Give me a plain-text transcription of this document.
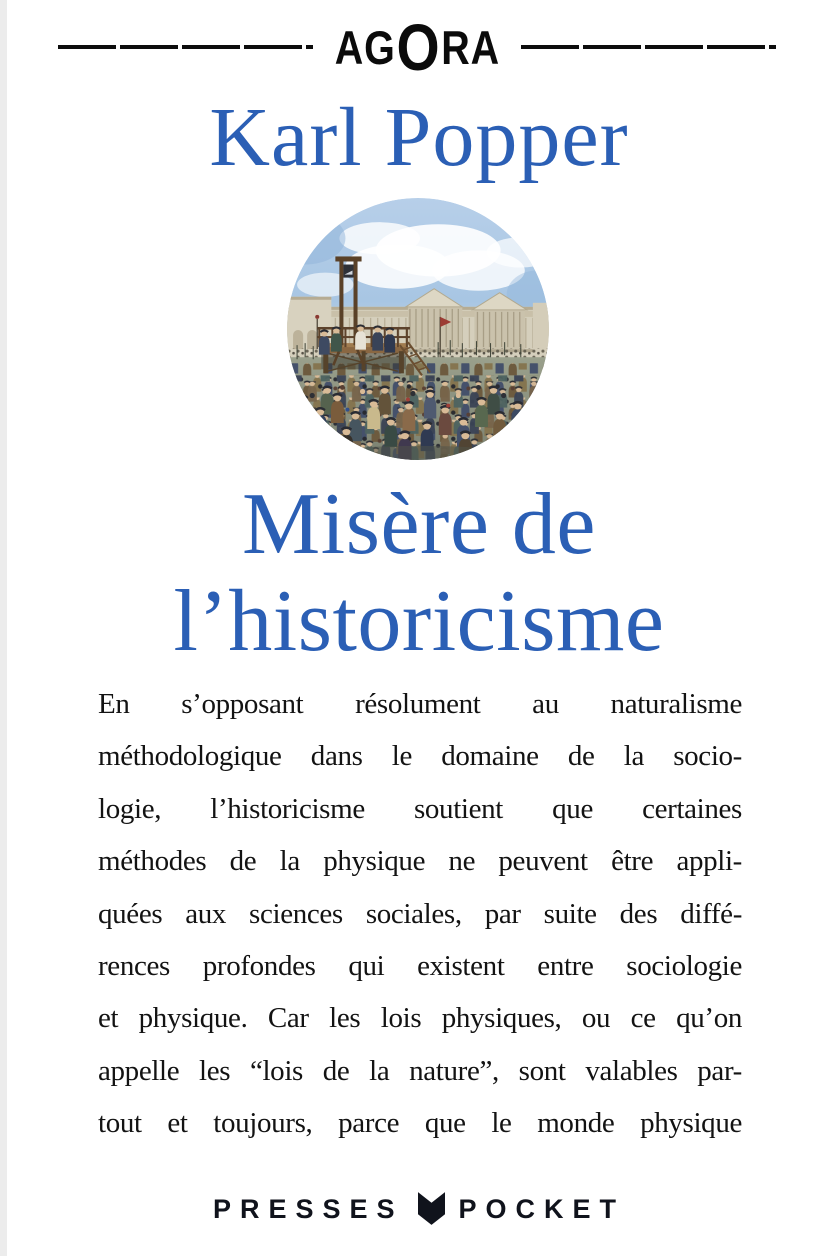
AG O RA
Karl Popper
Misère de
l’historicisme
En s’opposant résolument au naturalisme
méthodologique dans le domaine de la socio-
logie, l’historicisme soutient que certaines
méthodes de la physique ne peuvent être appli-
quées aux sciences sociales, par suite des diffé-
rences profondes qui existent entre sociologie
et physique. Car les lois physiques, ou ce qu’on
appelle les “lois de la nature”, sont valables par-
tout et toujours, parce que le monde physique
PRESSES POCKET
